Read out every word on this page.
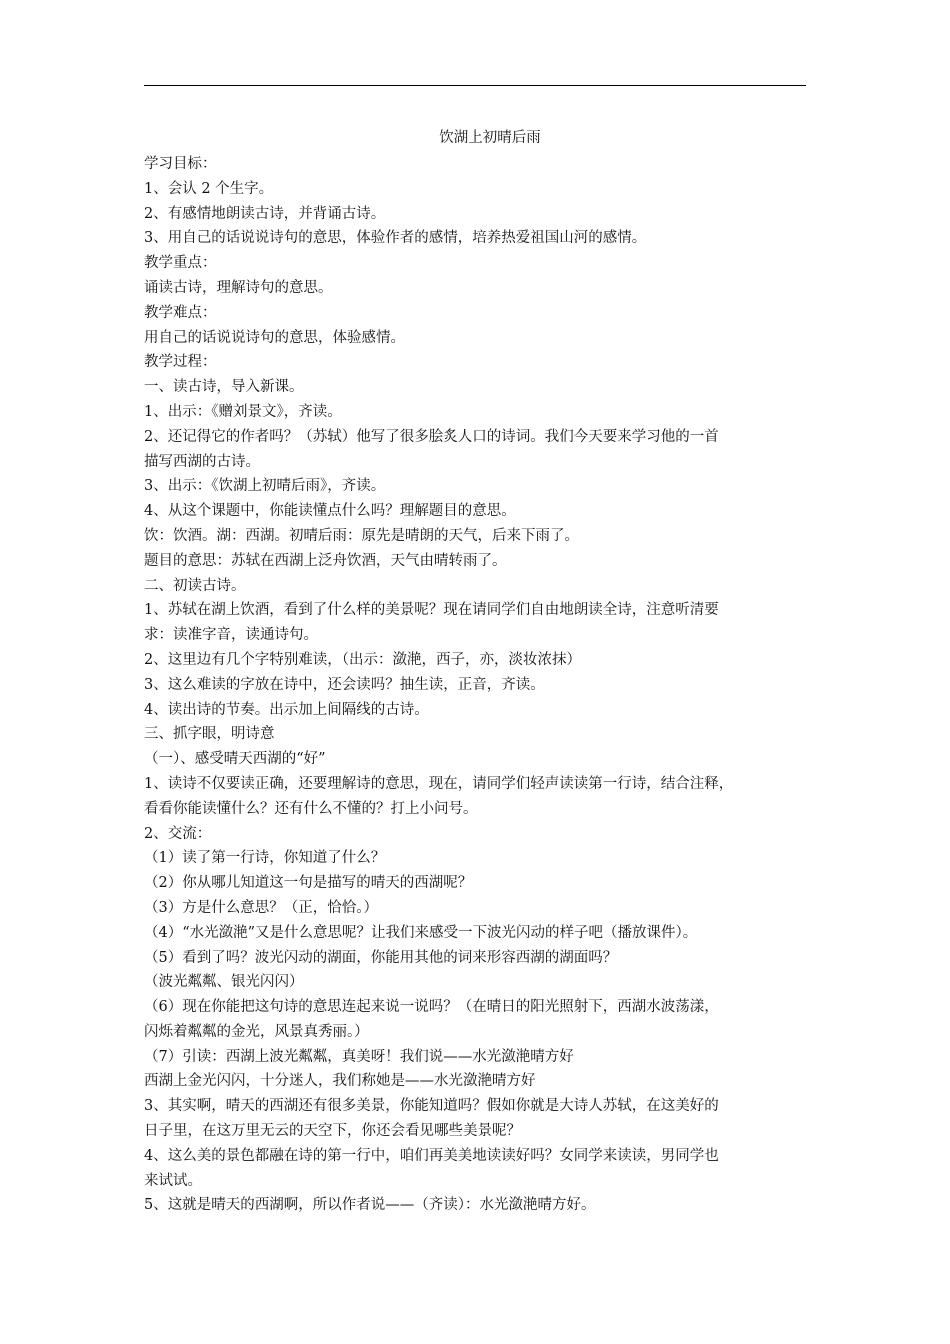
饮湖上初晴后雨
学习目标：
1、会认 2 个生字。
2、有感情地朗读古诗，并背诵古诗。
3、用自己的话说说诗句的意思，体验作者的感情，培养热爱祖国山河的感情。
教学重点：
诵读古诗，理解诗句的意思。
教学难点：
用自己的话说说诗句的意思，体验感情。
教学过程：
一、读古诗，导入新课。
1、出示：《赠刘景文》，齐读。
2、还记得它的作者吗？（苏轼）他写了很多脍炙人口的诗词。我们今天要来学习他的一首
描写西湖的古诗。
3、出示：《饮湖上初晴后雨》，齐读。
4、从这个课题中，你能读懂点什么吗？理解题目的意思。
饮：饮酒。湖：西湖。初晴后雨：原先是晴朗的天气，后来下雨了。
题目的意思：苏轼在西湖上泛舟饮酒，天气由晴转雨了。
二、初读古诗。
1、苏轼在湖上饮酒，看到了什么样的美景呢？现在请同学们自由地朗读全诗，注意听清要
求：读准字音，读通诗句。
2、这里边有几个字特别难读，（出示：潋滟，西子，亦，淡妆浓抹）
3、这么难读的字放在诗中，还会读吗？抽生读，正音，齐读。
4、读出诗的节奏。出示加上间隔线的古诗。
三、抓字眼，明诗意
（一）、感受晴天西湖的“好”
1、读诗不仅要读正确，还要理解诗的意思，现在，请同学们轻声读读第一行诗，结合注释，
看看你能读懂什么？还有什么不懂的？打上小问号。
2、交流：
（1）读了第一行诗，你知道了什么？
（2）你从哪儿知道这一句是描写的晴天的西湖呢？
（3）方是什么意思？（正，恰恰。）
（4）“水光潋滟”又是什么意思呢？让我们来感受一下波光闪动的样子吧（播放课件）。
（5）看到了吗？波光闪动的湖面，你能用其他的词来形容西湖的湖面吗？
（波光粼粼、银光闪闪）
（6）现在你能把这句诗的意思连起来说一说吗？（在晴日的阳光照射下，西湖水波荡漾，
闪烁着粼粼的金光，风景真秀丽。）
（7）引读：西湖上波光粼粼，真美呀！我们说——水光潋滟晴方好
西湖上金光闪闪，十分迷人，我们称她是——水光潋滟晴方好
3、其实啊，晴天的西湖还有很多美景，你能知道吗？假如你就是大诗人苏轼，在这美好的
日子里，在这万里无云的天空下，你还会看见哪些美景呢？
4、这么美的景色都融在诗的第一行中，咱们再美美地读读好吗？女同学来读读，男同学也
来试试。
5、这就是晴天的西湖啊，所以作者说——（齐读）：水光潋滟晴方好。
